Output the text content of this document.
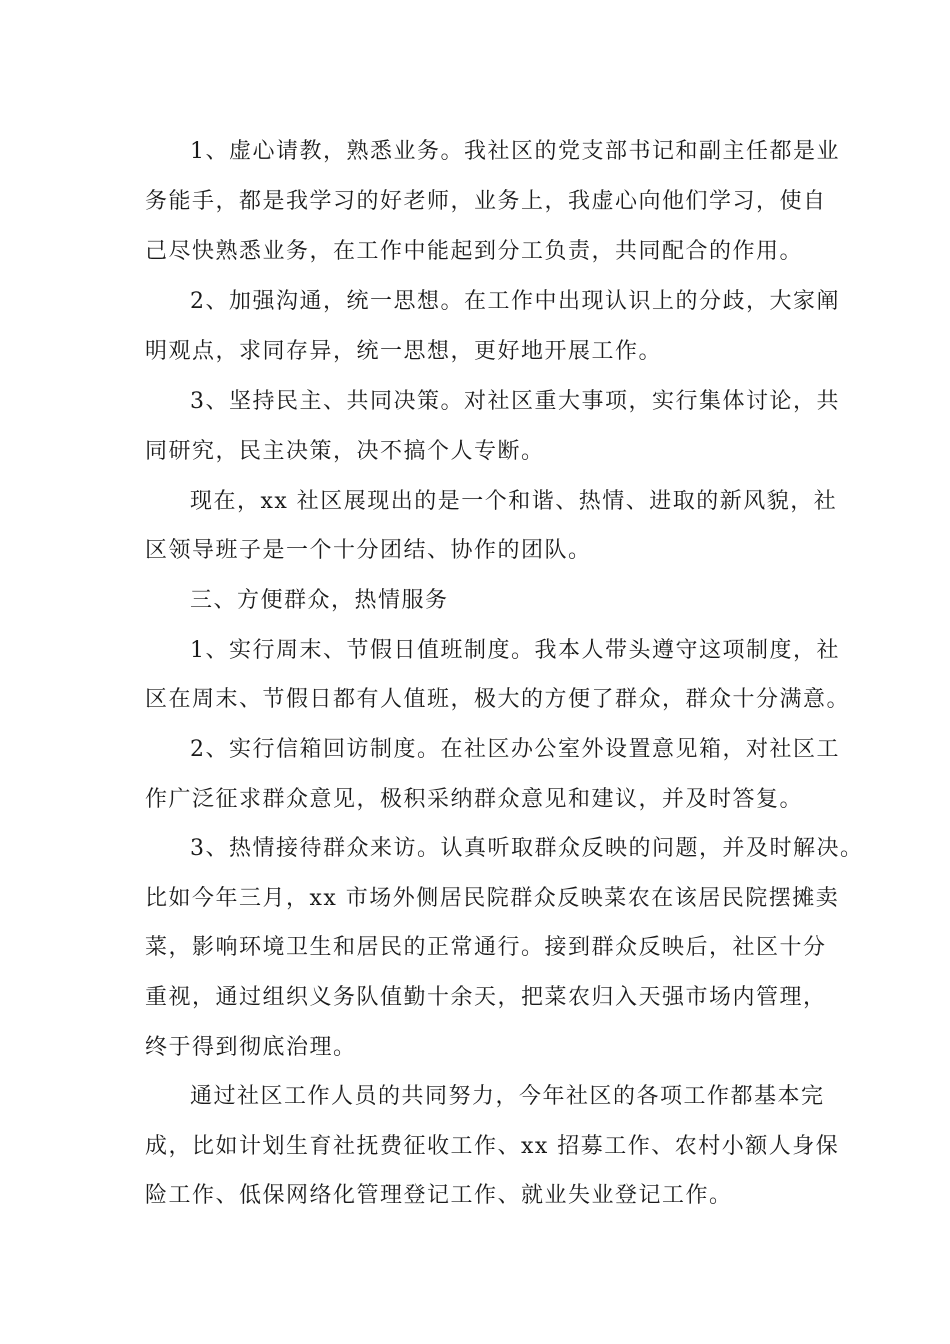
1、虚心请教，熟悉业务。我社区的党支部书记和副主任都是业
务能手，都是我学习的好老师，业务上，我虚心向他们学习，使自
己尽快熟悉业务，在工作中能起到分工负责，共同配合的作用。
2、加强沟通，统一思想。在工作中出现认识上的分歧，大家阐
明观点，求同存异，统一思想，更好地开展工作。
3、坚持民主、共同决策。对社区重大事项，实行集体讨论，共
同研究，民主决策，决不搞个人专断。
现在，xx 社区展现出的是一个和谐、热情、进取的新风貌，社
区领导班子是一个十分团结、协作的团队。
三、方便群众，热情服务
1、实行周末、节假日值班制度。我本人带头遵守这项制度，社
区在周末、节假日都有人值班，极大的方便了群众，群众十分满意。
2、实行信箱回访制度。在社区办公室外设置意见箱，对社区工
作广泛征求群众意见，极积采纳群众意见和建议，并及时答复。
3、热情接待群众来访。认真听取群众反映的问题，并及时解决。
比如今年三月，xx 市场外侧居民院群众反映菜农在该居民院摆摊卖
菜，影响环境卫生和居民的正常通行。接到群众反映后，社区十分
重视，通过组织义务队值勤十余天，把菜农归入天强市场内管理，
终于得到彻底治理。
通过社区工作人员的共同努力，今年社区的各项工作都基本完
成，比如计划生育社抚费征收工作、xx 招募工作、农村小额人身保
险工作、低保网络化管理登记工作、就业失业登记工作。
